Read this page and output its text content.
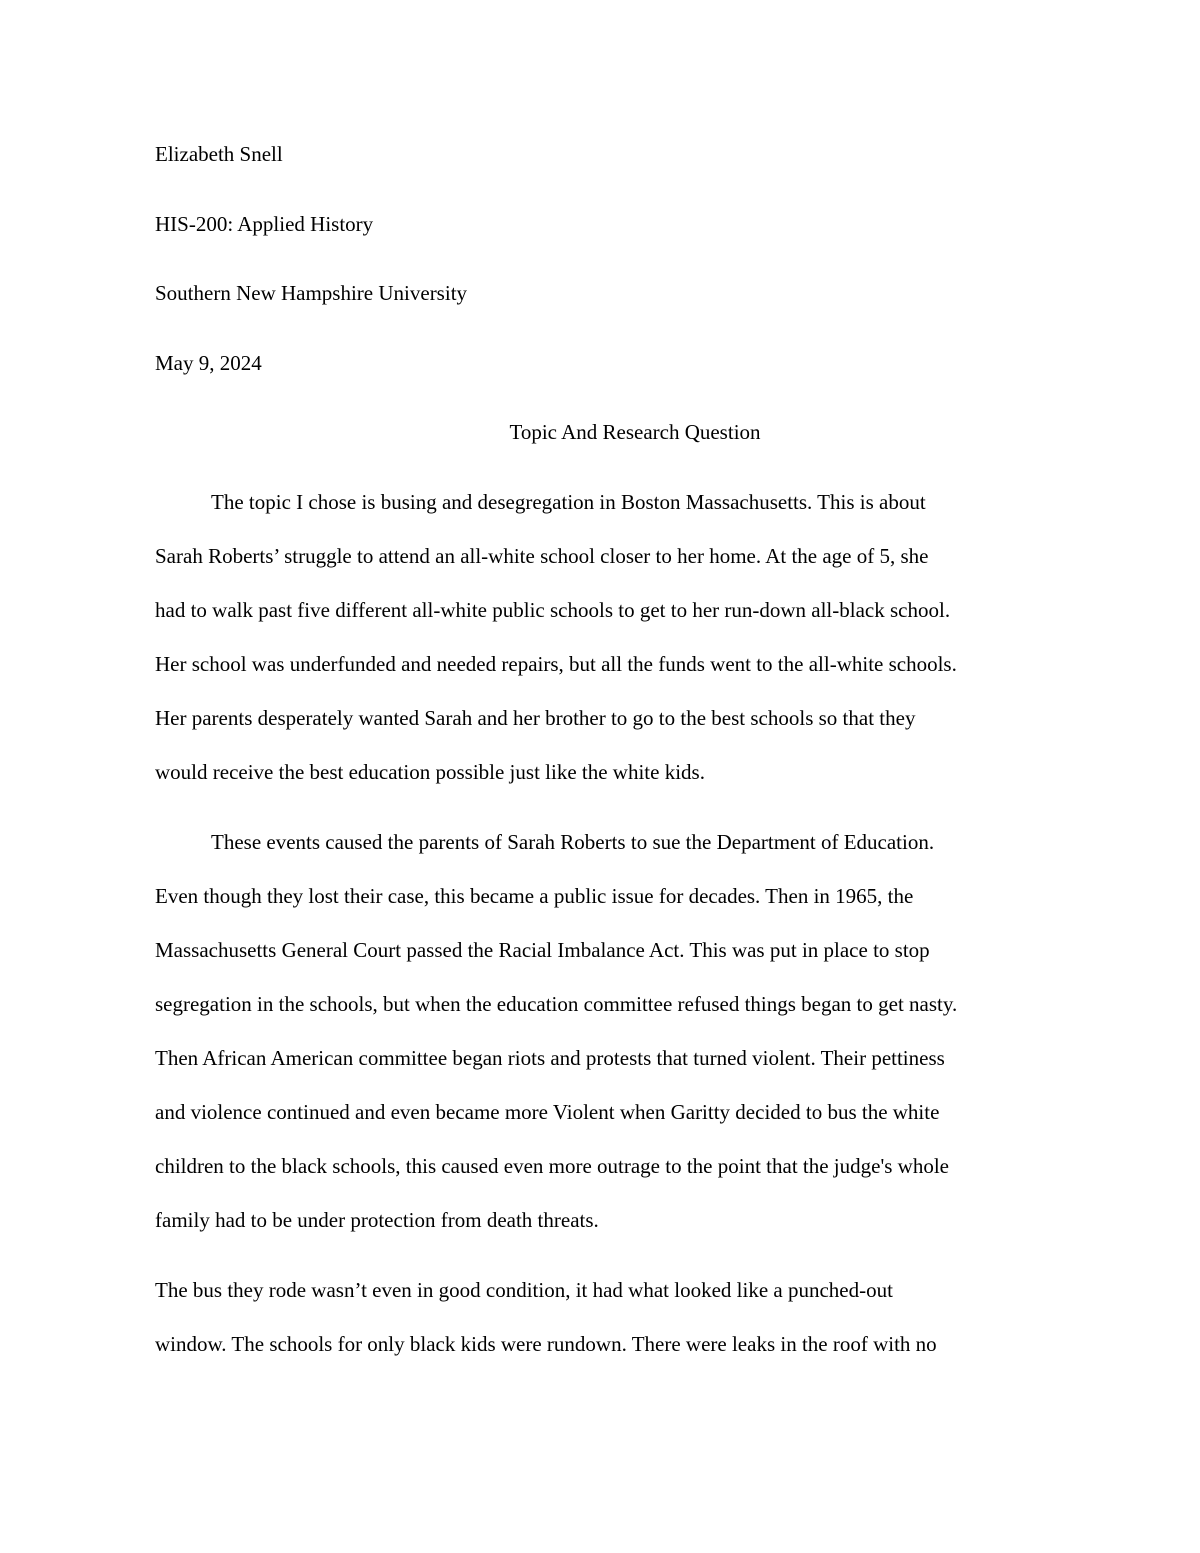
Elizabeth Snell
HIS-200: Applied History
Southern New Hampshire University
May 9, 2024
Topic And Research Question
The topic I chose is busing and desegregation in Boston Massachusetts. This is about
Sarah Roberts’ struggle to attend an all-white school closer to her home. At the age of 5, she
had to walk past five different all-white public schools to get to her run-down all-black school.
Her school was underfunded and needed repairs, but all the funds went to the all-white schools.
Her parents desperately wanted Sarah and her brother to go to the best schools so that they
would receive the best education possible just like the white kids.
These events caused the parents of Sarah Roberts to sue the Department of Education.
Even though they lost their case, this became a public issue for decades. Then in 1965, the
Massachusetts General Court passed the Racial Imbalance Act. This was put in place to stop
segregation in the schools, but when the education committee refused things began to get nasty.
Then African American committee began riots and protests that turned violent. Their pettiness
and violence continued and even became more Violent when Garitty decided to bus the white
children to the black schools, this caused even more outrage to the point that the judge's whole
family had to be under protection from death threats.
The bus they rode wasn’t even in good condition, it had what looked like a punched-out
window. The schools for only black kids were rundown. There were leaks in the roof with no
